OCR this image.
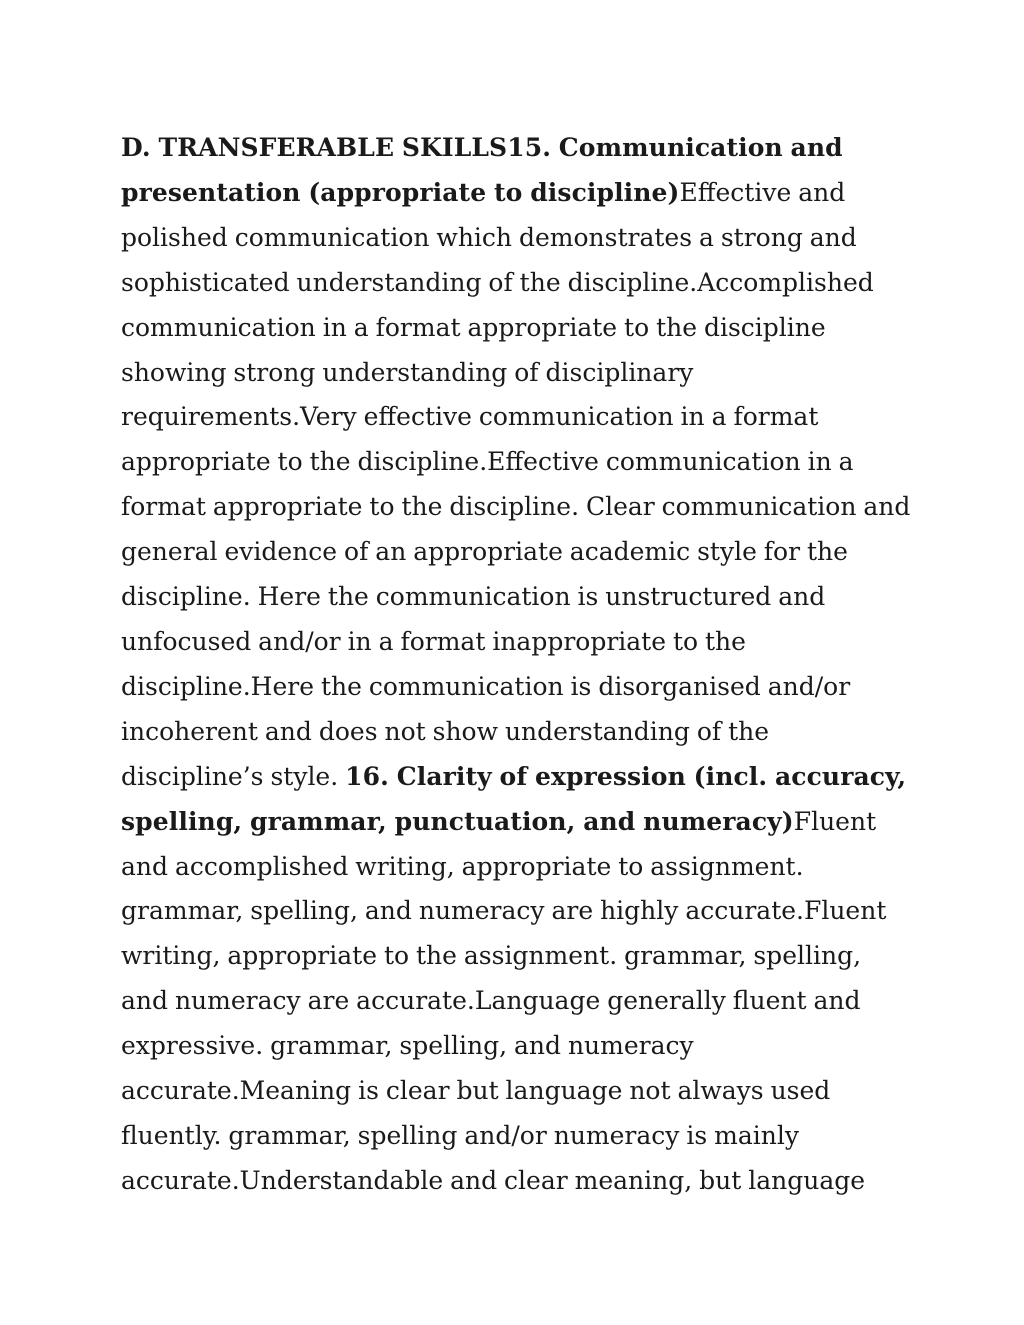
D. TRANSFERABLE SKILLS15. Communication and presentation (appropriate to discipline)Effective and polished communication which demonstrates a strong and sophisticated understanding of the discipline.Accomplished communication in a format appropriate to the discipline showing strong understanding of disciplinary requirements.Very effective communication in a format appropriate to the discipline.Effective communication in a format appropriate to the discipline. Clear communication and general evidence of an appropriate academic style for the discipline. Here the communication is unstructured and unfocused and/or in a format inappropriate to the discipline.Here the communication is disorganised and/or incoherent and does not show understanding of the discipline’s style. 16. Clarity of expression (incl. accuracy, spelling, grammar, punctuation, and numeracy)Fluent and accomplished writing, appropriate to assignment. grammar, spelling, and numeracy are highly accurate.Fluent writing, appropriate to the assignment. grammar, spelling, and numeracy are accurate.Language generally fluent and expressive. grammar, spelling, and numeracy accurate.Meaning is clear but language not always used fluently. grammar, spelling and/or numeracy is mainly accurate.Understandable and clear meaning, but language
